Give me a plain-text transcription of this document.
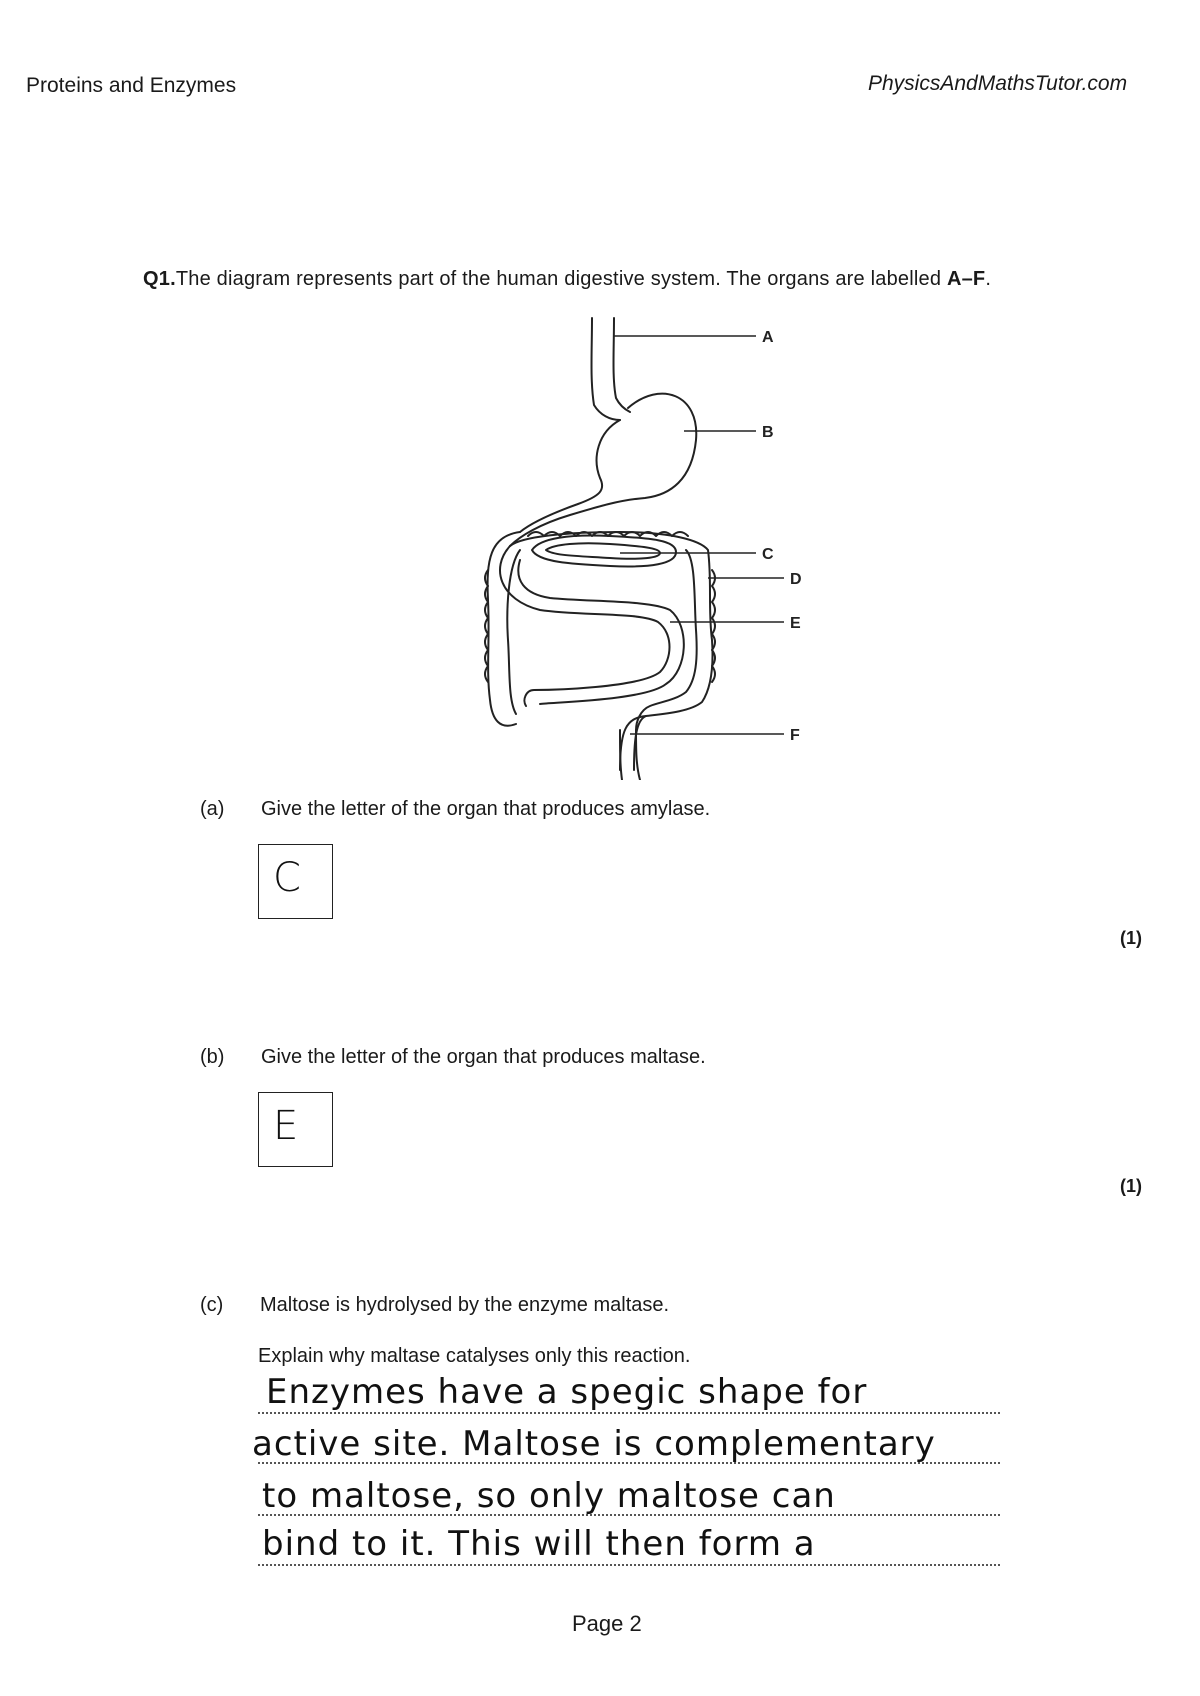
Proteins and Enzymes	PhysicsAndMathsTutor.com
Q1.The diagram represents part of the human digestive system. The organs are labelled A–F.
A
B
C
D
E
F
(a) Give the letter of the organ that produces amylase.
C
(1)
(b) Give the letter of the organ that produces maltase.
E
(1)
(c) Maltose is hydrolysed by the enzyme maltase.
Explain why maltase catalyses only this reaction.
Enzymes have a spegic shape for
active site. Maltose is complementary
to maltose, so only maltose can
bind to it. This will then form a
Page 2
